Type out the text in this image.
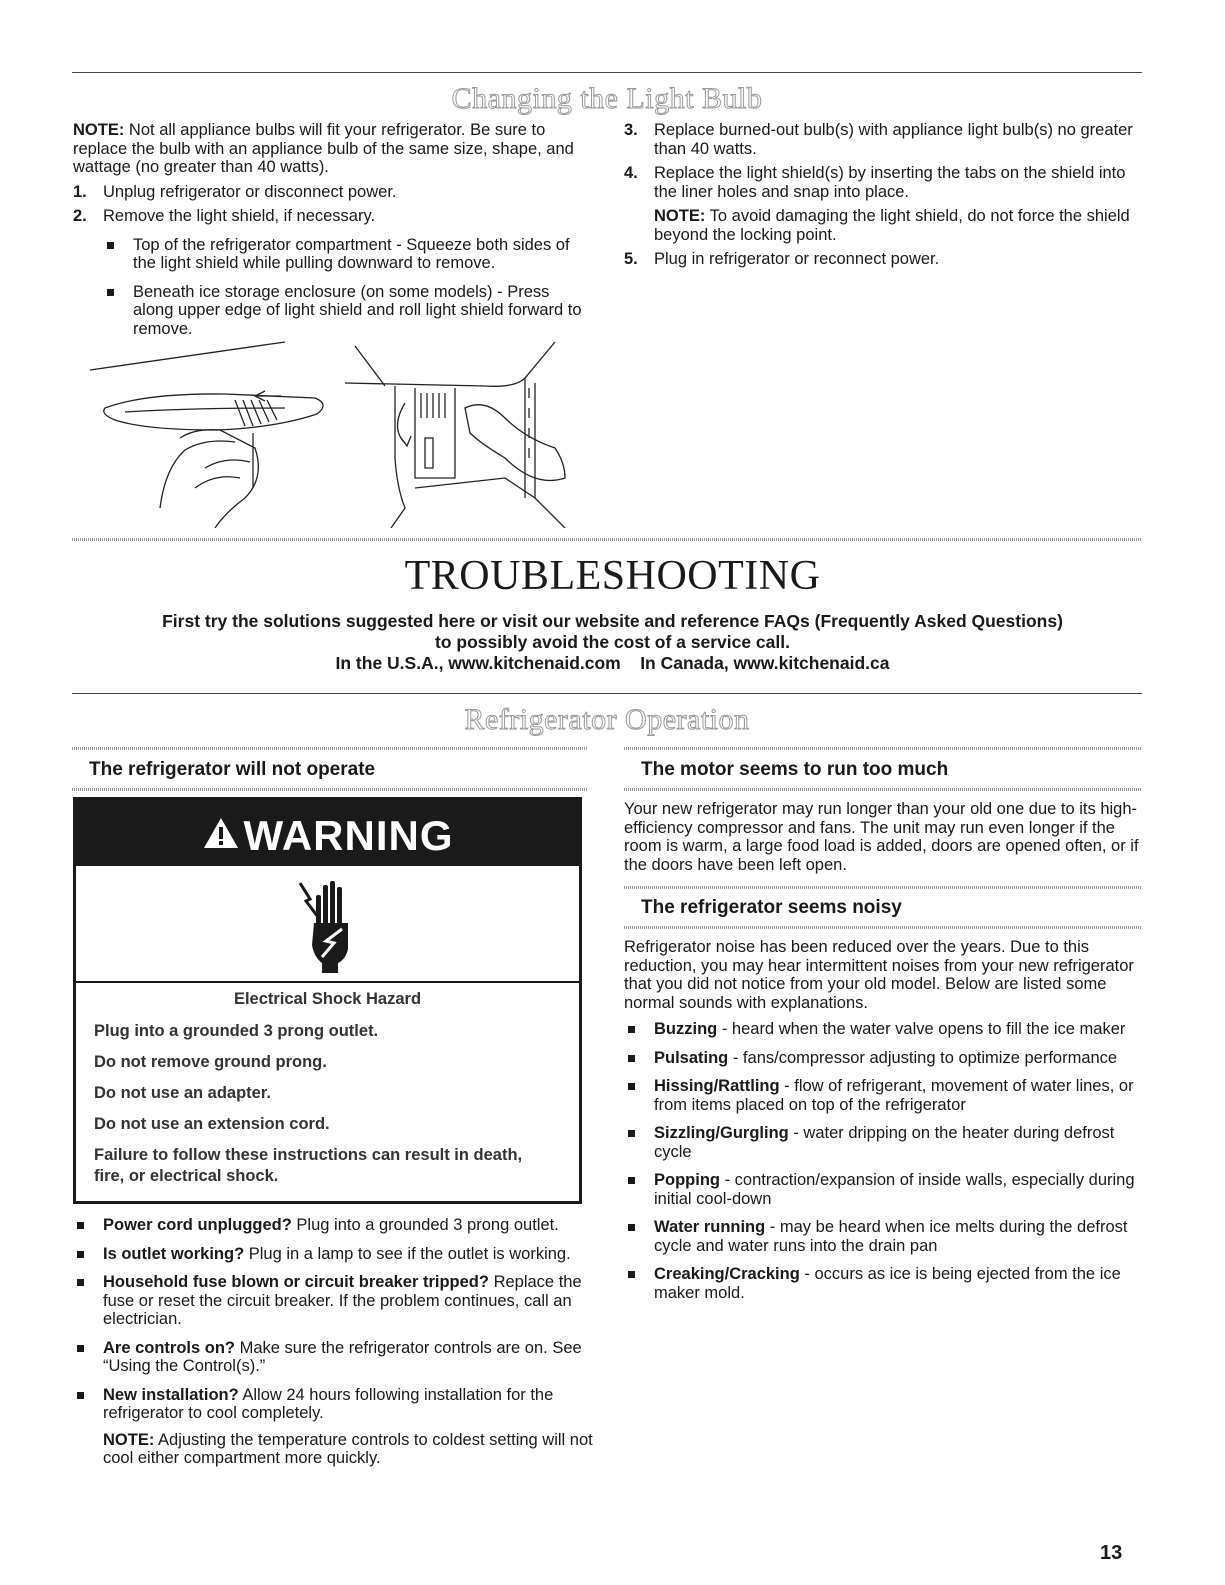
Changing the Light Bulb

NOTE: Not all appliance bulbs will fit your refrigerator. Be sure to replace the bulb with an appliance bulb of the same size, shape, and wattage (no greater than 40 watts).

1. Unplug refrigerator or disconnect power.
2. Remove the light shield, if necessary.
Top of the refrigerator compartment - Squeeze both sides of the light shield while pulling downward to remove.
Beneath ice storage enclosure (on some models) - Press along upper edge of light shield and roll light shield forward to remove.
3. Replace burned-out bulb(s) with appliance light bulb(s) no greater than 40 watts.
4. Replace the light shield(s) by inserting the tabs on the shield into the liner holes and snap into place.

NOTE: To avoid damaging the light shield, do not force the shield beyond the locking point.

5. Plug in refrigerator or reconnect power.
TROUBLESHOOTING
First try the solutions suggested here or visit our website and reference FAQs (Frequently Asked Questions)
to possibly avoid the cost of a service call.
In the U.S.A., www.kitchenaid.com    In Canada, www.kitchenaid.ca
Refrigerator Operation
The refrigerator will not operate
WARNING
Electrical Shock Hazard
Plug into a grounded 3 prong outlet.
Do not remove ground prong.
Do not use an adapter.
Do not use an extension cord.
Failure to follow these instructions can result in death,
fire, or electrical shock.
Power cord unplugged? Plug into a grounded 3 prong outlet.
Is outlet working? Plug in a lamp to see if the outlet is working.
Household fuse blown or circuit breaker tripped? Replace the fuse or reset the circuit breaker. If the problem continues, call an electrician.
Are controls on? Make sure the refrigerator controls are on. See “Using the Control(s).”
New installation? Allow 24 hours following installation for the refrigerator to cool completely.

NOTE: Adjusting the temperature controls to coldest setting will not cool either compartment more quickly.

The motor seems to run too much
Your new refrigerator may run longer than your old one due to its high-efficiency compressor and fans. The unit may run even longer if the room is warm, a large food load is added, doors are opened often, or if the doors have been left open.
The refrigerator seems noisy

Refrigerator noise has been reduced over the years. Due to this reduction, you may hear intermittent noises from your new refrigerator that you did not notice from your old model. Below are listed some normal sounds with explanations.

Buzzing - heard when the water valve opens to fill the ice maker
Pulsating - fans/compressor adjusting to optimize performance
Hissing/Rattling - flow of refrigerant, movement of water lines, or from items placed on top of the refrigerator
Sizzling/Gurgling - water dripping on the heater during defrost cycle
Popping - contraction/expansion of inside walls, especially during initial cool-down
Water running - may be heard when ice melts during the defrost cycle and water runs into the drain pan
Creaking/Cracking - occurs as ice is being ejected from the ice maker mold.
13
